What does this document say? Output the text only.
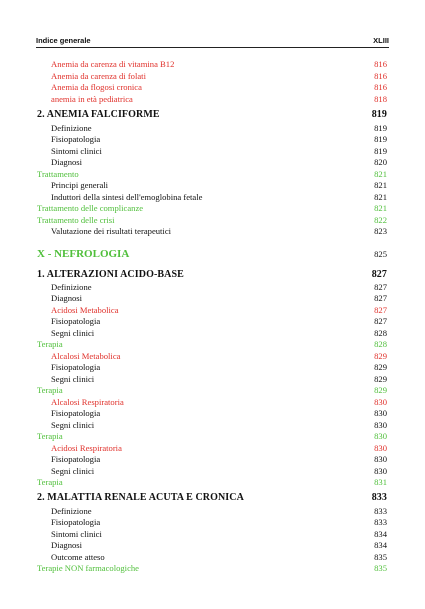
Indice generale	XLIII
Anemia da carenza di vitamina B12	816
Anemia da carenza di folati	816
Anemia da flogosi cronica	816
anemia in età pediatrica	818
2. ANEMIA FALCIFORME	819
Definizione	819
Fisiopatologia	819
Sintomi clinici	819
Diagnosi	820
Trattamento	821
Principi generali	821
Induttori della sintesi dell'emoglobina fetale	821
Trattamento delle complicanze	821
Trattamento delle crisi	822
Valutazione dei risultati terapeutici	823
X - NEFROLOGIA	825
1. ALTERAZIONI ACIDO-BASE	827
Definizione	827
Diagnosi	827
Acidosi Metabolica	827
Fisiopatologia	827
Segni clinici	828
Terapia	828
Alcalosi Metabolica	829
Fisiopatologia	829
Segni clinici	829
Terapia	829
Alcalosi Respiratoria	830
Fisiopatologia	830
Segni clinici	830
Terapia	830
Acidosi Respiratoria	830
Fisiopatologia	830
Segni clinici	830
Terapia	831
2. MALATTIA RENALE ACUTA E CRONICA	833
Definizione	833
Fisiopatologia	833
Sintomi clinici	834
Diagnosi	834
Outcome atteso	835
Terapie NON farmacologiche	835
